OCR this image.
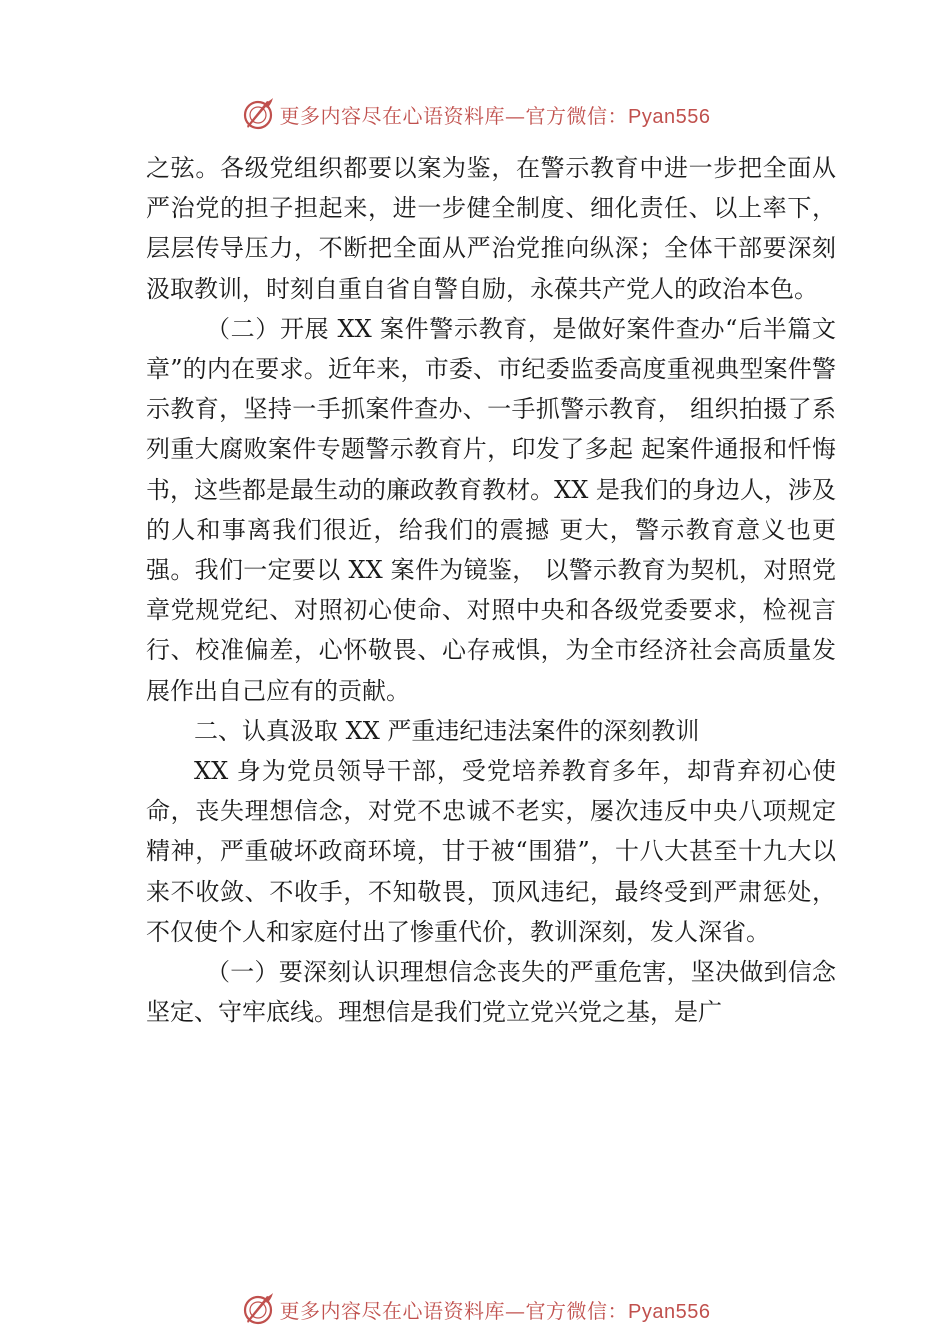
更多内容尽在心语资料库—官方微信：Pyan556

之弦。各级党组织都要以案为鉴，在警示教育中进一步把全面从严治党的担子担起来，进一步健全制度、细化责任、以上率下，层层传导压力，不断把全面从严治党推向纵深；全体干部要深刻汲取教训，时刻自重自省自警自励，永葆共产党人的政治本色。

（二）开展 XX 案件警示教育，是做好案件查办“后半篇文章”的内在要求。近年来，市委、市纪委监委高度重视典型案件警示教育，坚持一手抓案件查办、一手抓警示教育， 组织拍摄了系列重大腐败案件专题警示教育片，印发了多起 起案件通报和忏悔书，这些都是最生动的廉政教育教材。XX 是我们的身边人，涉及的人和事离我们很近，给我们的震撼 更大，警示教育意义也更强。我们一定要以 XX 案件为镜鉴， 以警示教育为契机，对照党章党规党纪、对照初心使命、对照中央和各级党委要求，检视言行、校准偏差，心怀敬畏、心存戒惧，为全市经济社会高质量发展作出自己应有的贡献。

二、认真汲取 XX 严重违纪违法案件的深刻教训

XX 身为党员领导干部，受党培养教育多年，却背弃初心使命，丧失理想信念，对党不忠诚不老实，屡次违反中央八项规定精神，严重破坏政商环境，甘于被“围猎”，十八大甚至十九大以来不收敛、不收手，不知敬畏，顶风违纪，最终受到严肃惩处，不仅使个人和家庭付出了惨重代价，教训深刻，发人深省。

（一）要深刻认识理想信念丧失的严重危害，坚决做到信念坚定、守牢底线。理想信是我们党立党兴党之基，是广

更多内容尽在心语资料库—官方微信：Pyan556
